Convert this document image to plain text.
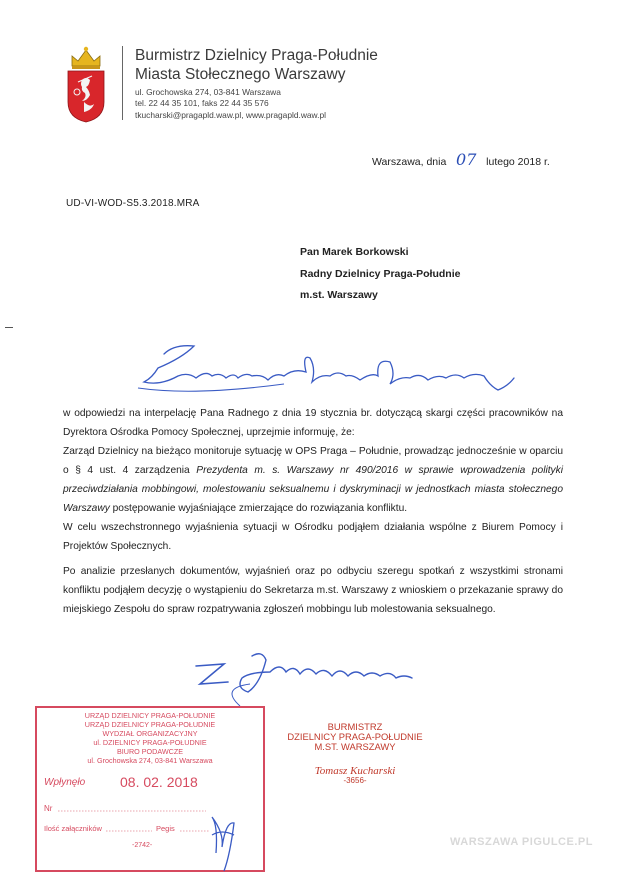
Burmistrz Dzielnicy Praga-Południe
Miasta Stołecznego Warszawy
ul. Grochowska 274, 03-841 Warszawa
tel. 22 44 35 101, faks 22 44 35 576
tkucharski@pragapld.waw.pl, www.pragapld.waw.pl
Warszawa, dnia 07 lutego 2018 r.
UD-VI-WOD-S5.3.2018.MRA
Pan Marek Borkowski
Radny Dzielnicy Praga-Południe
m.st. Warszawy

w odpowiedzi na interpelację Pana Radnego z dnia 19 stycznia br. dotyczącą skargi części pracowników na Dyrektora Ośrodka Pomocy Społecznej, uprzejmie informuję, że:

Zarząd Dzielnicy na bieżąco monitoruje sytuację w OPS Praga – Południe, prowadząc jednocześnie w oparciu o § 4 ust. 4 zarządzenia Prezydenta m. s. Warszawy nr 490/2016 w sprawie wprowadzenia polityki przeciwdziałania mobbingowi, molestowaniu seksualnemu i dyskryminacji w jednostkach miasta stołecznego Warszawy postępowanie wyjaśniające zmierzające do rozwiązania konfliktu.

W celu wszechstronnego wyjaśnienia sytuacji w Ośrodku podjąłem działania wspólne z Biurem Pomocy i Projektów Społecznych.

Po analizie przesłanych dokumentów, wyjaśnień oraz po odbyciu szeregu spotkań z wszystkimi stronami konfliktu podjąłem decyzję o wystąpieniu do Sekretarza m.st. Warszawy z wnioskiem o przekazanie sprawy do miejskiego Zespołu do spraw rozpatrywania zgłoszeń mobbingu lub molestowania seksualnego.

URZĄD DZIELNICY PRAGA-POŁUDNIE
URZĄD DZIELNICY PRAGA-POŁUDNIE
WYDZIAŁ ORGANIZACYJNY
ul. DZIELNICY PRAGA-POŁUDNIE
BIURO PODAWCZE
ul. Grochowska 274, 03-841 Warszawa
Wpłynęło 08. 02. 2018
Nr
Ilość załączników	Pegis
-2742-
BURMISTRZ
DZIELNICY PRAGA-POŁUDNIE
M.ST. WARSZAWY
Tomasz Kucharski
-3656-
WARSZAWA PIGULCE.PL
